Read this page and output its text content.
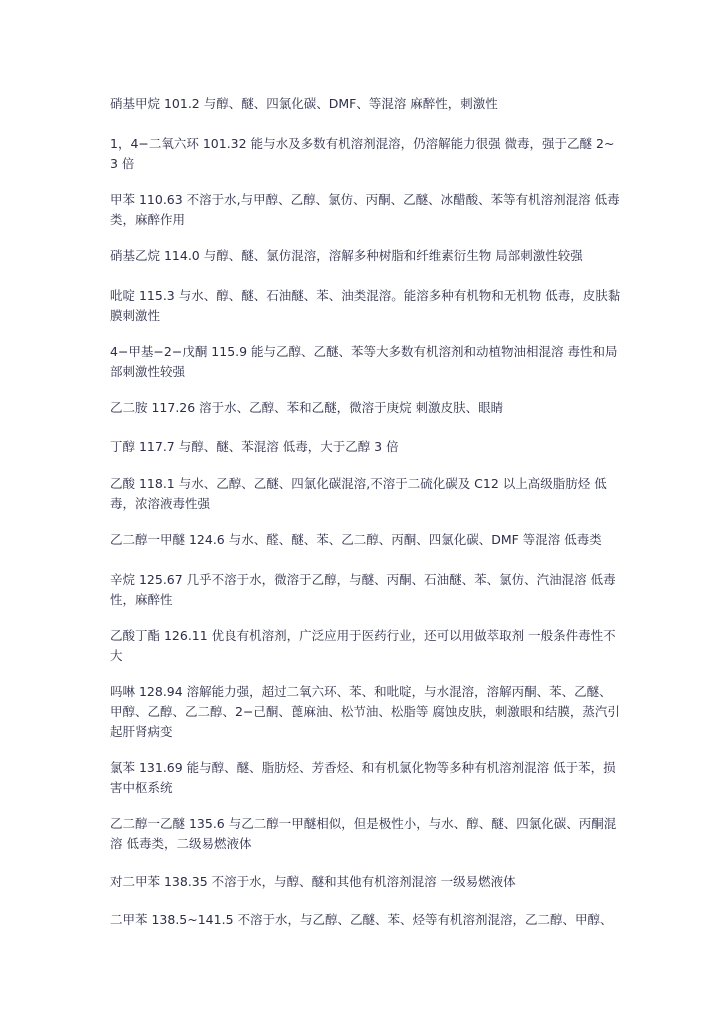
硝基甲烷 101.2 与醇、醚、四氯化碳、DMF、等混溶 麻醉性，刺激性

1，4−二氧六环 101.32 能与水及多数有机溶剂混溶，仍溶解能力很强 微毒，强于乙醚 2~3 倍

甲苯 110.63 不溶于水,与甲醇、乙醇、氯仿、丙酮、乙醚、冰醋酸、苯等有机溶剂混溶 低毒类，麻醉作用

硝基乙烷 114.0 与醇、醚、氯仿混溶，溶解多种树脂和纤维素衍生物 局部刺激性较强

吡啶 115.3 与水、醇、醚、石油醚、苯、油类混溶。能溶多种有机物和无机物 低毒，皮肤黏膜刺激性

4−甲基−2−戊酮 115.9 能与乙醇、乙醚、苯等大多数有机溶剂和动植物油相混溶 毒性和局部刺激性较强

乙二胺 117.26 溶于水、乙醇、苯和乙醚，微溶于庚烷 刺激皮肤、眼睛

丁醇 117.7 与醇、醚、苯混溶 低毒，大于乙醇 3 倍

乙酸 118.1 与水、乙醇、乙醚、四氯化碳混溶,不溶于二硫化碳及 C12 以上高级脂肪烃 低毒，浓溶液毒性强

乙二醇一甲醚 124.6 与水、醛、醚、苯、乙二醇、丙酮、四氯化碳、DMF 等混溶 低毒类

辛烷 125.67 几乎不溶于水，微溶于乙醇，与醚、丙酮、石油醚、苯、氯仿、汽油混溶 低毒性，麻醉性

乙酸丁酯 126.11 优良有机溶剂，广泛应用于医药行业，还可以用做萃取剂 一般条件毒性不大

吗啉 128.94 溶解能力强，超过二氧六环、苯、和吡啶，与水混溶，溶解丙酮、苯、乙醚、甲醇、乙醇、乙二醇、2−己酮、蓖麻油、松节油、松脂等 腐蚀皮肤，刺激眼和结膜，蒸汽引起肝肾病变

氯苯 131.69 能与醇、醚、脂肪烃、芳香烃、和有机氯化物等多种有机溶剂混溶 低于苯，损害中枢系统

乙二醇一乙醚 135.6 与乙二醇一甲醚相似，但是极性小，与水、醇、醚、四氯化碳、丙酮混溶 低毒类，二级易燃液体

对二甲苯 138.35 不溶于水，与醇、醚和其他有机溶剂混溶 一级易燃液体

二甲苯 138.5~141.5 不溶于水，与乙醇、乙醚、苯、烃等有机溶剂混溶，乙二醇、甲醇、
